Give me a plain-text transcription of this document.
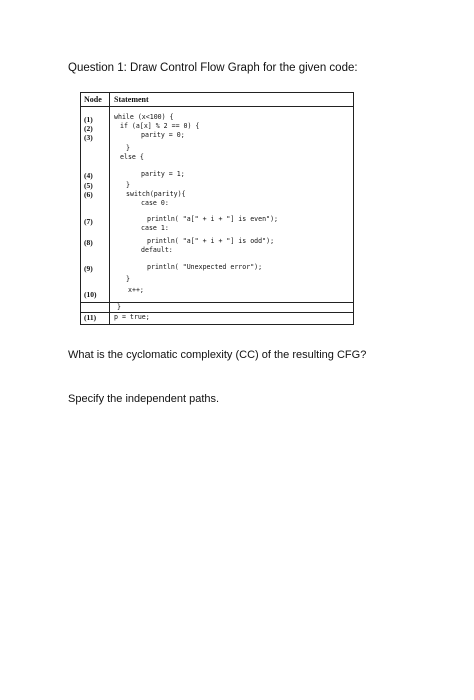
Question 1: Draw Control Flow Graph for the given code:
Node Statement
(1)
(2)
(3)
(4)
(5)
(6)
(7)
(8)
(9)
(10)
(11)
while (x<100) {
if (a[x] % 2 == 0) {
parity = 0;
}
else {
parity = 1;
}
switch(parity){
case 0:
println( "a[" + i + "] is even");
case 1:
println( "a[" + i + "] is odd");
default:
println( "Unexpected error");
}
x++;
}
p = true;
What is the cyclomatic complexity (CC) of the resulting CFG?
Specify the independent paths.
